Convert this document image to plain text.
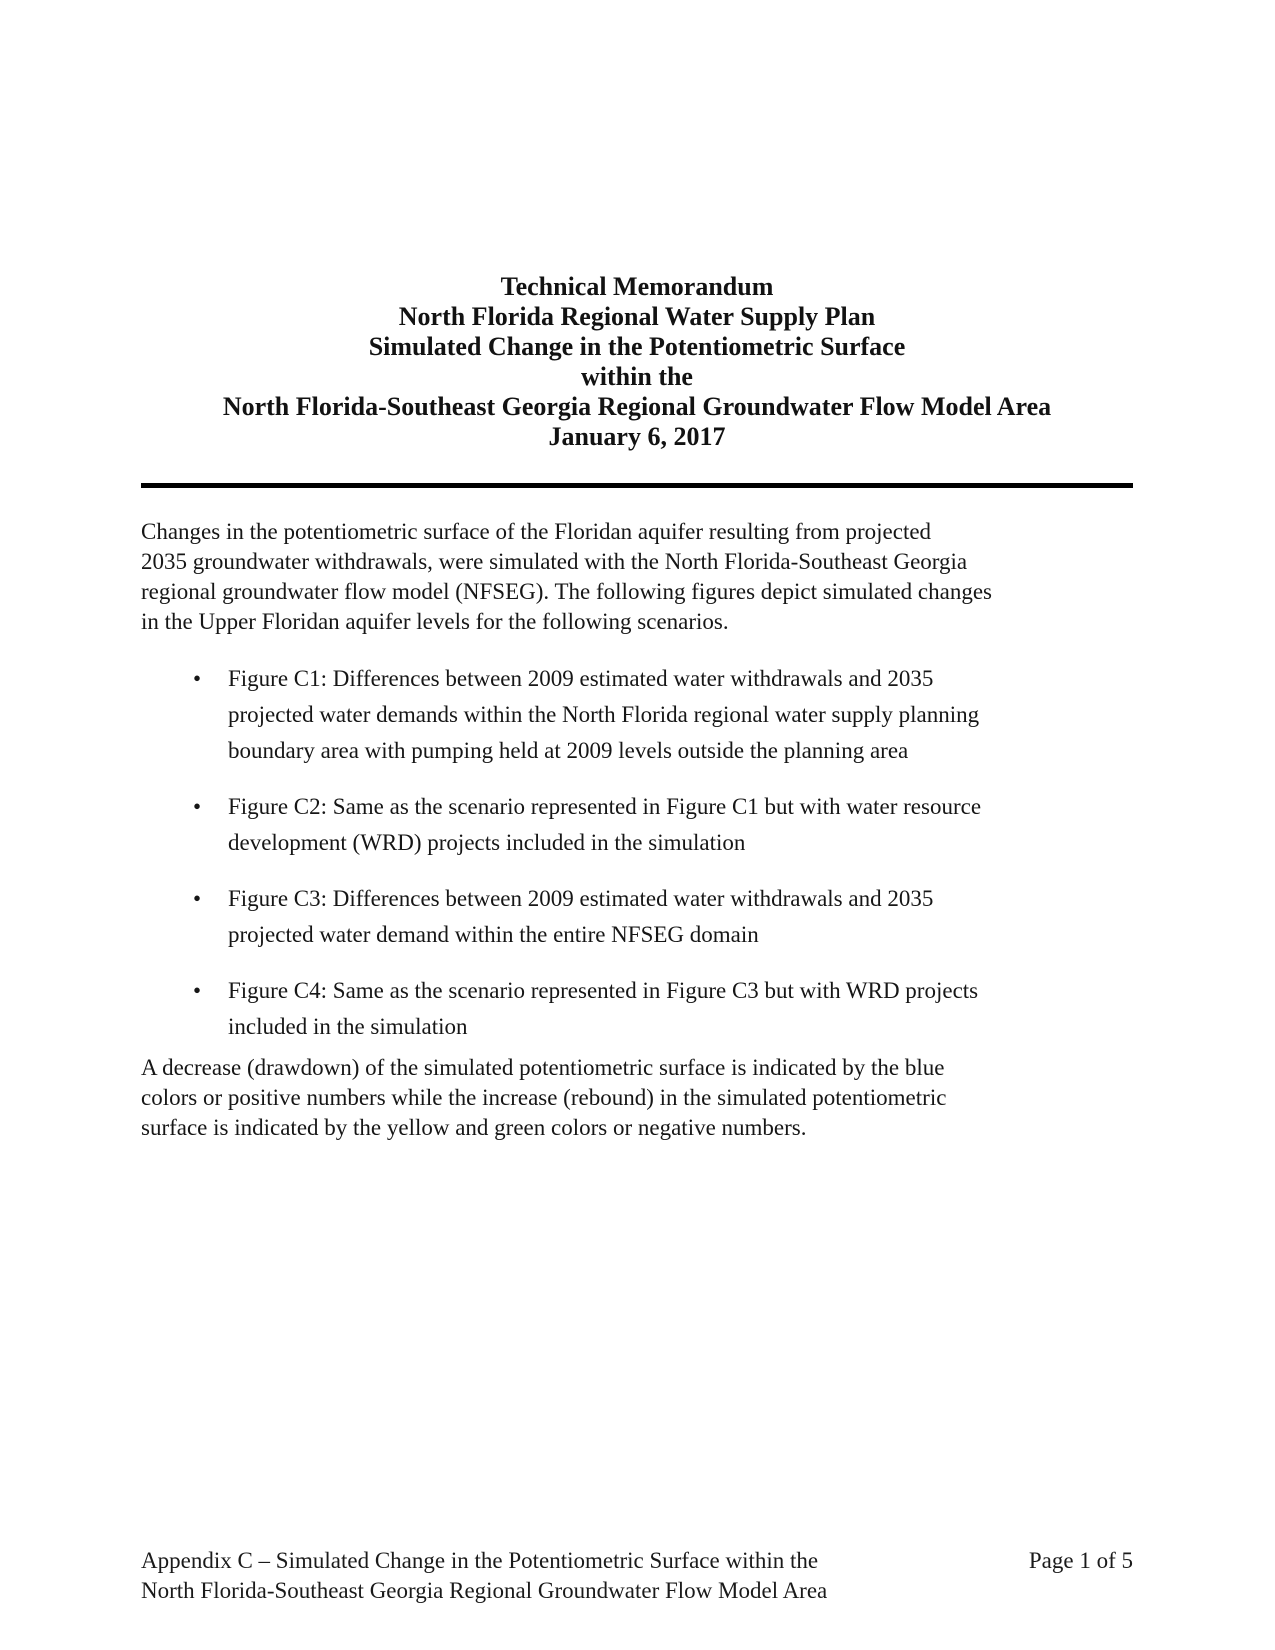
Technical Memorandum
North Florida Regional Water Supply Plan
Simulated Change in the Potentiometric Surface
within the
North Florida-Southeast Georgia Regional Groundwater Flow Model Area
January 6, 2017
Changes in the potentiometric surface of the Floridan aquifer resulting from projected
2035 groundwater withdrawals, were simulated with the North Florida-Southeast Georgia
regional groundwater flow model (NFSEG). The following figures depict simulated changes
in the Upper Floridan aquifer levels for the following scenarios.
• Figure C1: Differences between 2009 estimated water withdrawals and 2035
projected water demands within the North Florida regional water supply planning
boundary area with pumping held at 2009 levels outside the planning area
• Figure C2: Same as the scenario represented in Figure C1 but with water resource
development (WRD) projects included in the simulation
• Figure C3: Differences between 2009 estimated water withdrawals and 2035
projected water demand within the entire NFSEG domain
• Figure C4: Same as the scenario represented in Figure C3 but with WRD projects
included in the simulation
A decrease (drawdown) of the simulated potentiometric surface is indicated by the blue
colors or positive numbers while the increase (rebound) in the simulated potentiometric
surface is indicated by the yellow and green colors or negative numbers.
Appendix C – Simulated Change in the Potentiometric Surface within the
North Florida-Southeast Georgia Regional Groundwater Flow Model Area
Page 1 of 5
